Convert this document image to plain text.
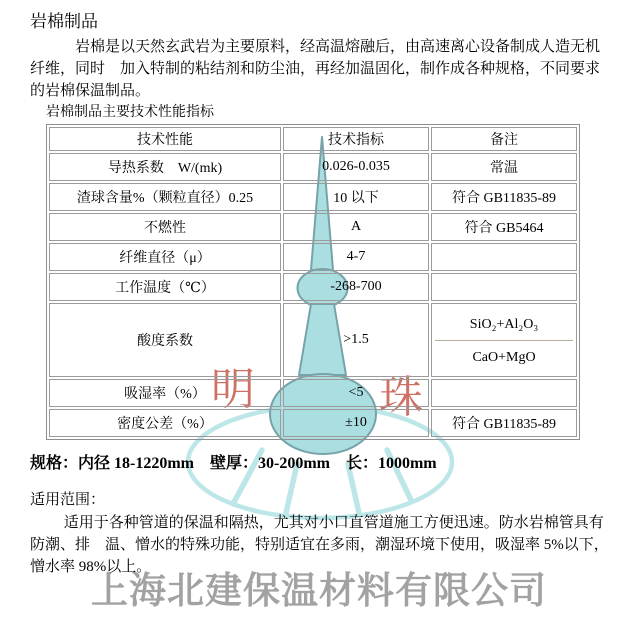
明	珠
上海北建保温材料有限公司
岩棉制品
　　　岩棉是以天然玄武岩为主要原料，经高温熔融后，由高速离心设备制成人造无机纤维，同时　加入特制的粘结剂和防尘油，再经加温固化，制作成各种规格，不同要求的岩棉保温制品。
岩棉制品主要技术性能指标
技术性能	技术指标	备注
导热系数　W/(mk)	0.026-0.035	常温
渣球含量%（颗粒直径）0.25	10 以下	符合 GB11835-89
不燃性	A	符合 GB5464
纤维直径（μ）	4-7	
工作温度（℃）	-268-700	
酸度系数	>1.5	SiO₂+Al₂O₃
CaO+MgO

吸湿率（%）	<5	
密度公差（%）	±10	符合 GB11835-89
规格：内径 18-1220mm　壁厚：30-200mm　长：1000mm
适用范围：
　　 适用于各种管道的保温和隔热，尤其对小口直管道施工方便迅速。防水岩棉管具有防潮、排　温、憎水的特殊功能，特别适宜在多雨，潮湿环境下使用，吸湿率 5%以下，憎水率 98%以上。
